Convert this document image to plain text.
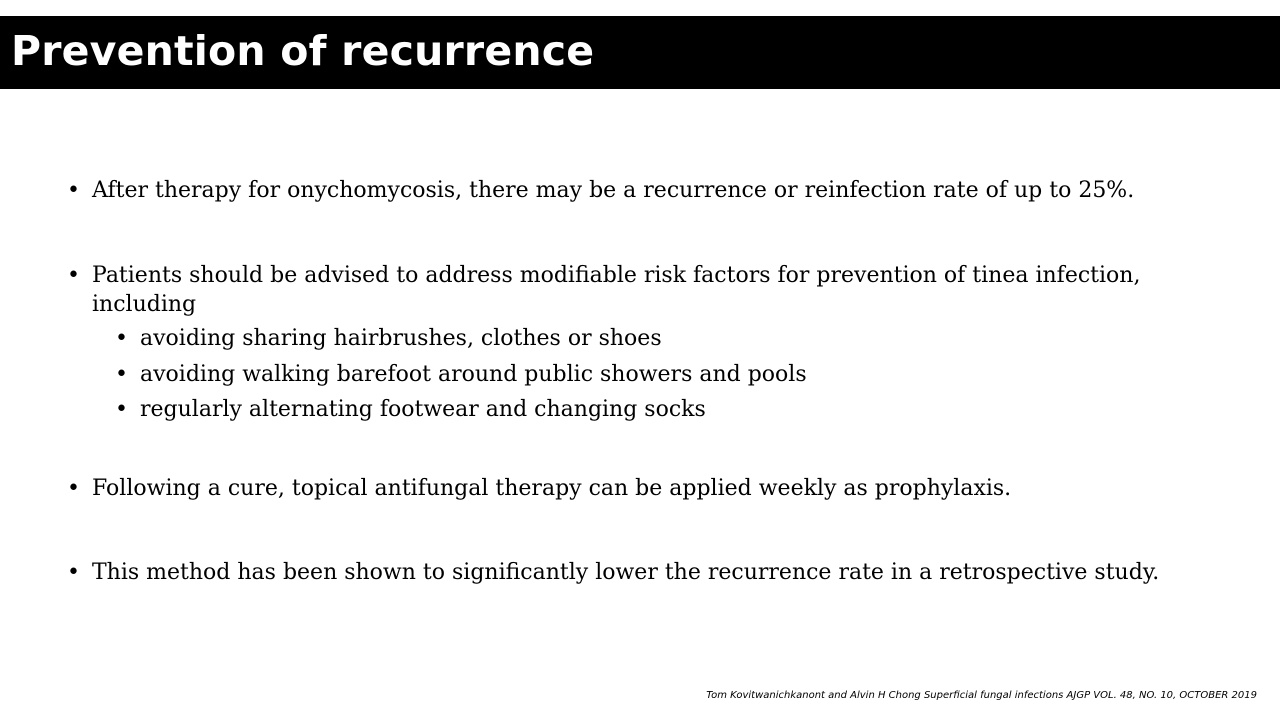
Prevention of recurrence
• After therapy for onychomycosis, there may be a recurrence or reinfection rate of up to 25%.
• Patients should be advised to address modifiable risk factors for prevention of tinea infection,
including
• avoiding sharing hairbrushes, clothes or shoes
• avoiding walking barefoot around public showers and pools
• regularly alternating footwear and changing socks
• Following a cure, topical antifungal therapy can be applied weekly as prophylaxis.
• This method has been shown to significantly lower the recurrence rate in a retrospective study.
Tom Kovitwanichkanont and Alvin H Chong Superficial fungal infections AJGP VOL. 48, NO. 10, OCTOBER 2019
